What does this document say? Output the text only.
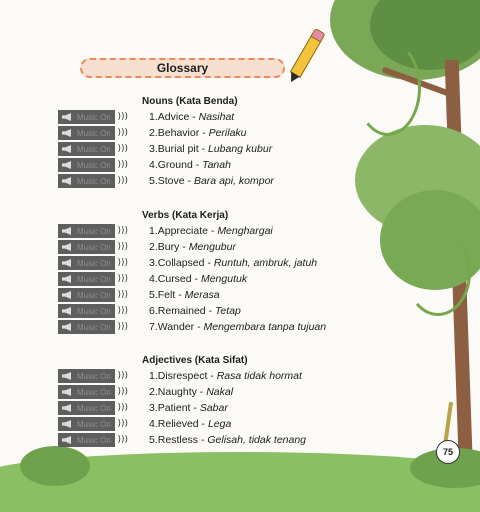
Glossary
Nouns (Kata Benda)
Music On ))) 1.Advice - Nasihat
Music On ))) 2.Behavior - Perilaku
Music On ))) 3.Burial pit - Lubang kubur
Music On ))) 4.Ground - Tanah
Music On ))) 5.Stove - Bara api, kompor
Verbs (Kata Kerja)
Music On ))) 1.Appreciate - Menghargai
Music On ))) 2.Bury - Mengubur
Music On ))) 3.Collapsed - Runtuh, ambruk, jatuh
Music On ))) 4.Cursed - Mengutuk
Music On ))) 5.Felt - Merasa
Music On ))) 6.Remained - Tetap
Music On ))) 7.Wander - Mengembara tanpa tujuan
Adjectives (Kata Sifat)
Music On ))) 1.Disrespect - Rasa tidak hormat
Music On ))) 2.Naughty - Nakal
Music On ))) 3.Patient - Sabar
Music On ))) 4.Relieved - Lega
Music On ))) 5.Restless - Gelisah, tidak tenang
75
